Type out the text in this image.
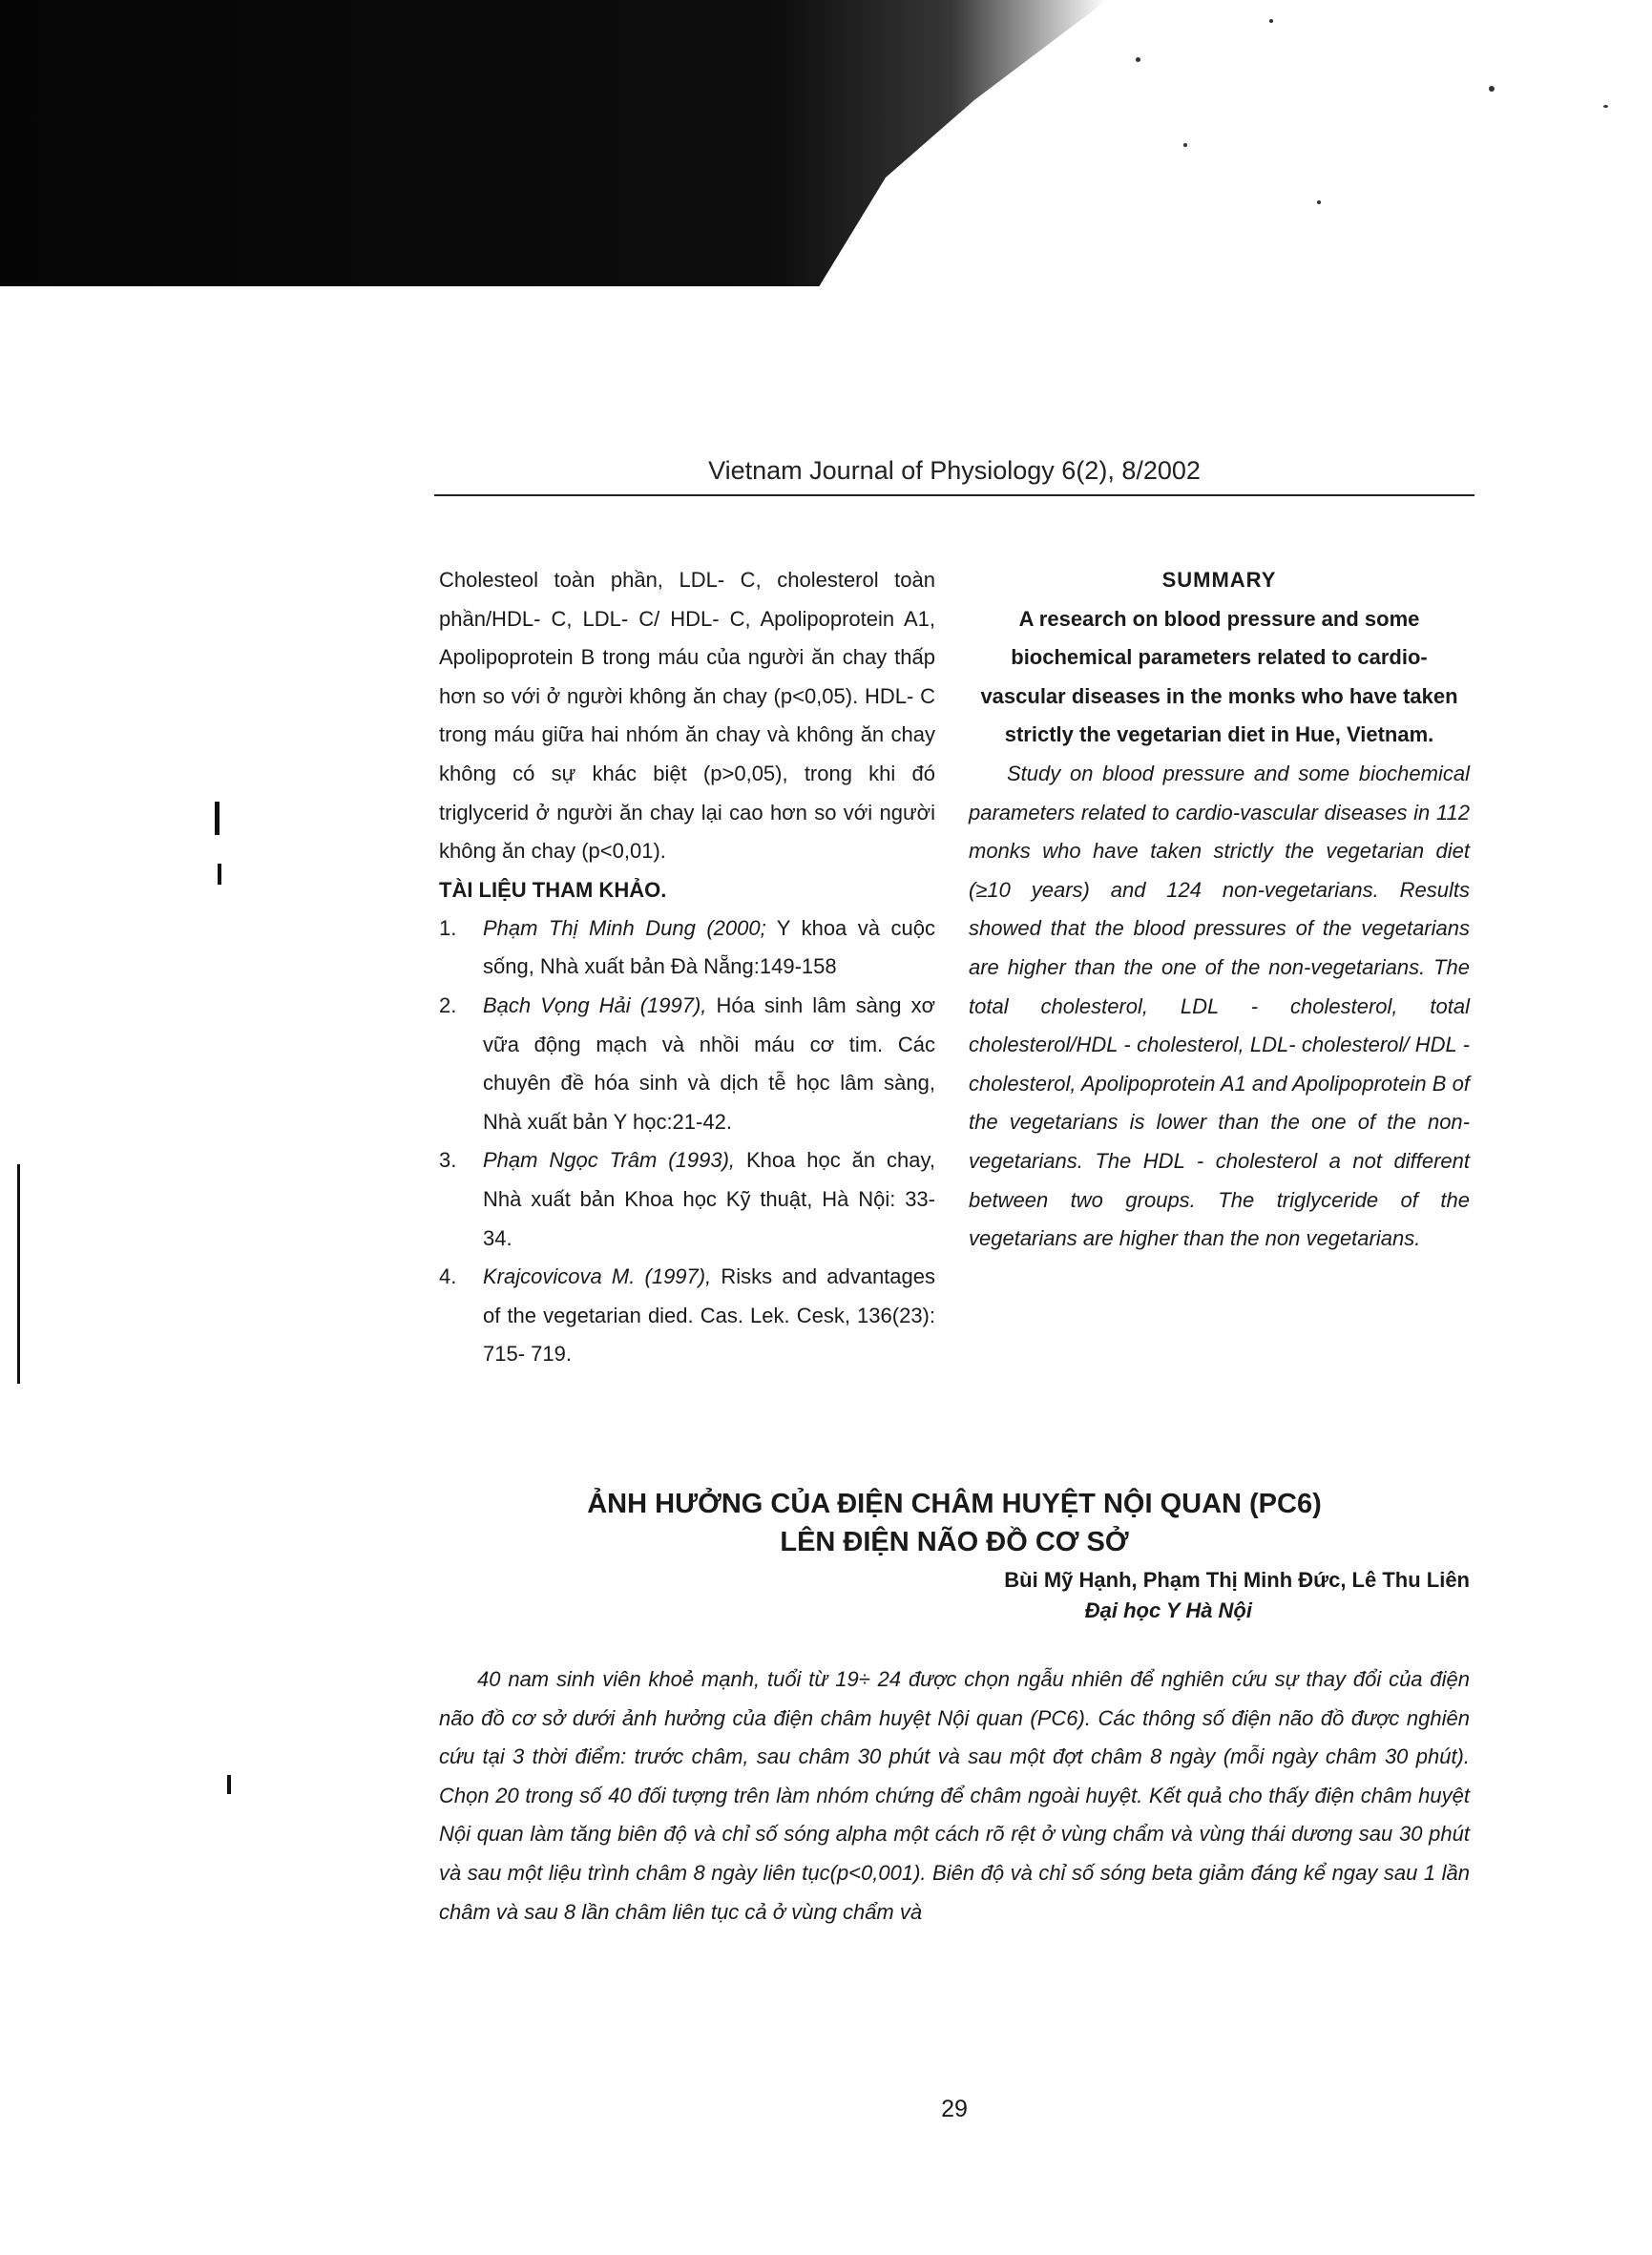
Vietnam Journal of Physiology 6(2), 8/2002

Cholesteol toàn phần, LDL- C, cholesterol toàn phần/HDL- C, LDL- C/ HDL- C, Apolipoprotein A1, Apolipoprotein B trong máu của người ăn chay thấp hơn so với ở người không ăn chay (p<0,05). HDL- C trong máu giữa hai nhóm ăn chay và không ăn chay không có sự khác biệt (p>0,05), trong khi đó triglycerid ở người ăn chay lại cao hơn so với người không ăn chay (p<0,01).

TÀI LIỆU THAM KHẢO.

1.	Phạm Thị Minh Dung (2000; Y khoa và cuộc sống, Nhà xuất bản Đà Nẵng:149-158
2.	Bạch Vọng Hải (1997), Hóa sinh lâm sàng xơ vữa động mạch và nhồi máu cơ tim. Các chuyên đề hóa sinh và dịch tễ học lâm sàng, Nhà xuất bản Y học:21-42.
3.	Phạm Ngọc Trâm (1993), Khoa học ăn chay, Nhà xuất bản Khoa học Kỹ thuật, Hà Nội: 33- 34.
4.	Krajcovicova M. (1997), Risks and advantages of the vegetarian died. Cas. Lek. Cesk, 136(23): 715- 719.

SUMMARY

A research on blood pressure and some biochemical parameters related to cardio- vascular diseases in the monks who have taken strictly the vegetarian diet in Hue, Vietnam.

Study on blood pressure and some biochemical parameters related to cardio-vascular diseases in 112 monks who have taken strictly the vegetarian diet (≥10 years) and 124 non-vegetarians. Results showed that the blood pressures of the vegetarians are higher than the one of the non-vegetarians. The total cholesterol, LDL - cholesterol, total cholesterol/HDL - cholesterol, LDL- cholesterol/ HDL - cholesterol, Apolipoprotein A1 and Apolipoprotein B of the vegetarians is lower than the one of the non-vegetarians. The HDL - cholesterol a not different between two groups. The triglyceride of the vegetarians are higher than the non vegetarians.

ẢNH HƯỞNG CỦA ĐIỆN CHÂM HUYỆT NỘI QUAN (PC6)
LÊN ĐIỆN NÃO ĐỒ CƠ SỞ
Bùi Mỹ Hạnh, Phạm Thị Minh Đức, Lê Thu Liên
Đại học Y Hà Nội
40 nam sinh viên khoẻ mạnh, tuổi từ 19÷ 24 được chọn ngẫu nhiên để nghiên cứu sự thay đổi của điện não đồ cơ sở dưới ảnh hưởng của điện châm huyệt Nội quan (PC6). Các thông số điện não đồ được nghiên cứu tại 3 thời điểm: trước châm, sau châm 30 phút và sau một đợt châm 8 ngày (mỗi ngày châm 30 phút). Chọn 20 trong số 40 đối tượng trên làm nhóm chứng để châm ngoài huyệt. Kết quả cho thấy điện châm huyệt Nội quan làm tăng biên độ và chỉ số sóng alpha một cách rõ rệt ở vùng chẩm và vùng thái dương sau 30 phút và sau một liệu trình châm 8 ngày liên tục(p<0,001). Biên độ và chỉ số sóng beta giảm đáng kể ngay sau 1 lần châm và sau 8 lần châm liên tục cả ở vùng chẩm và
29
